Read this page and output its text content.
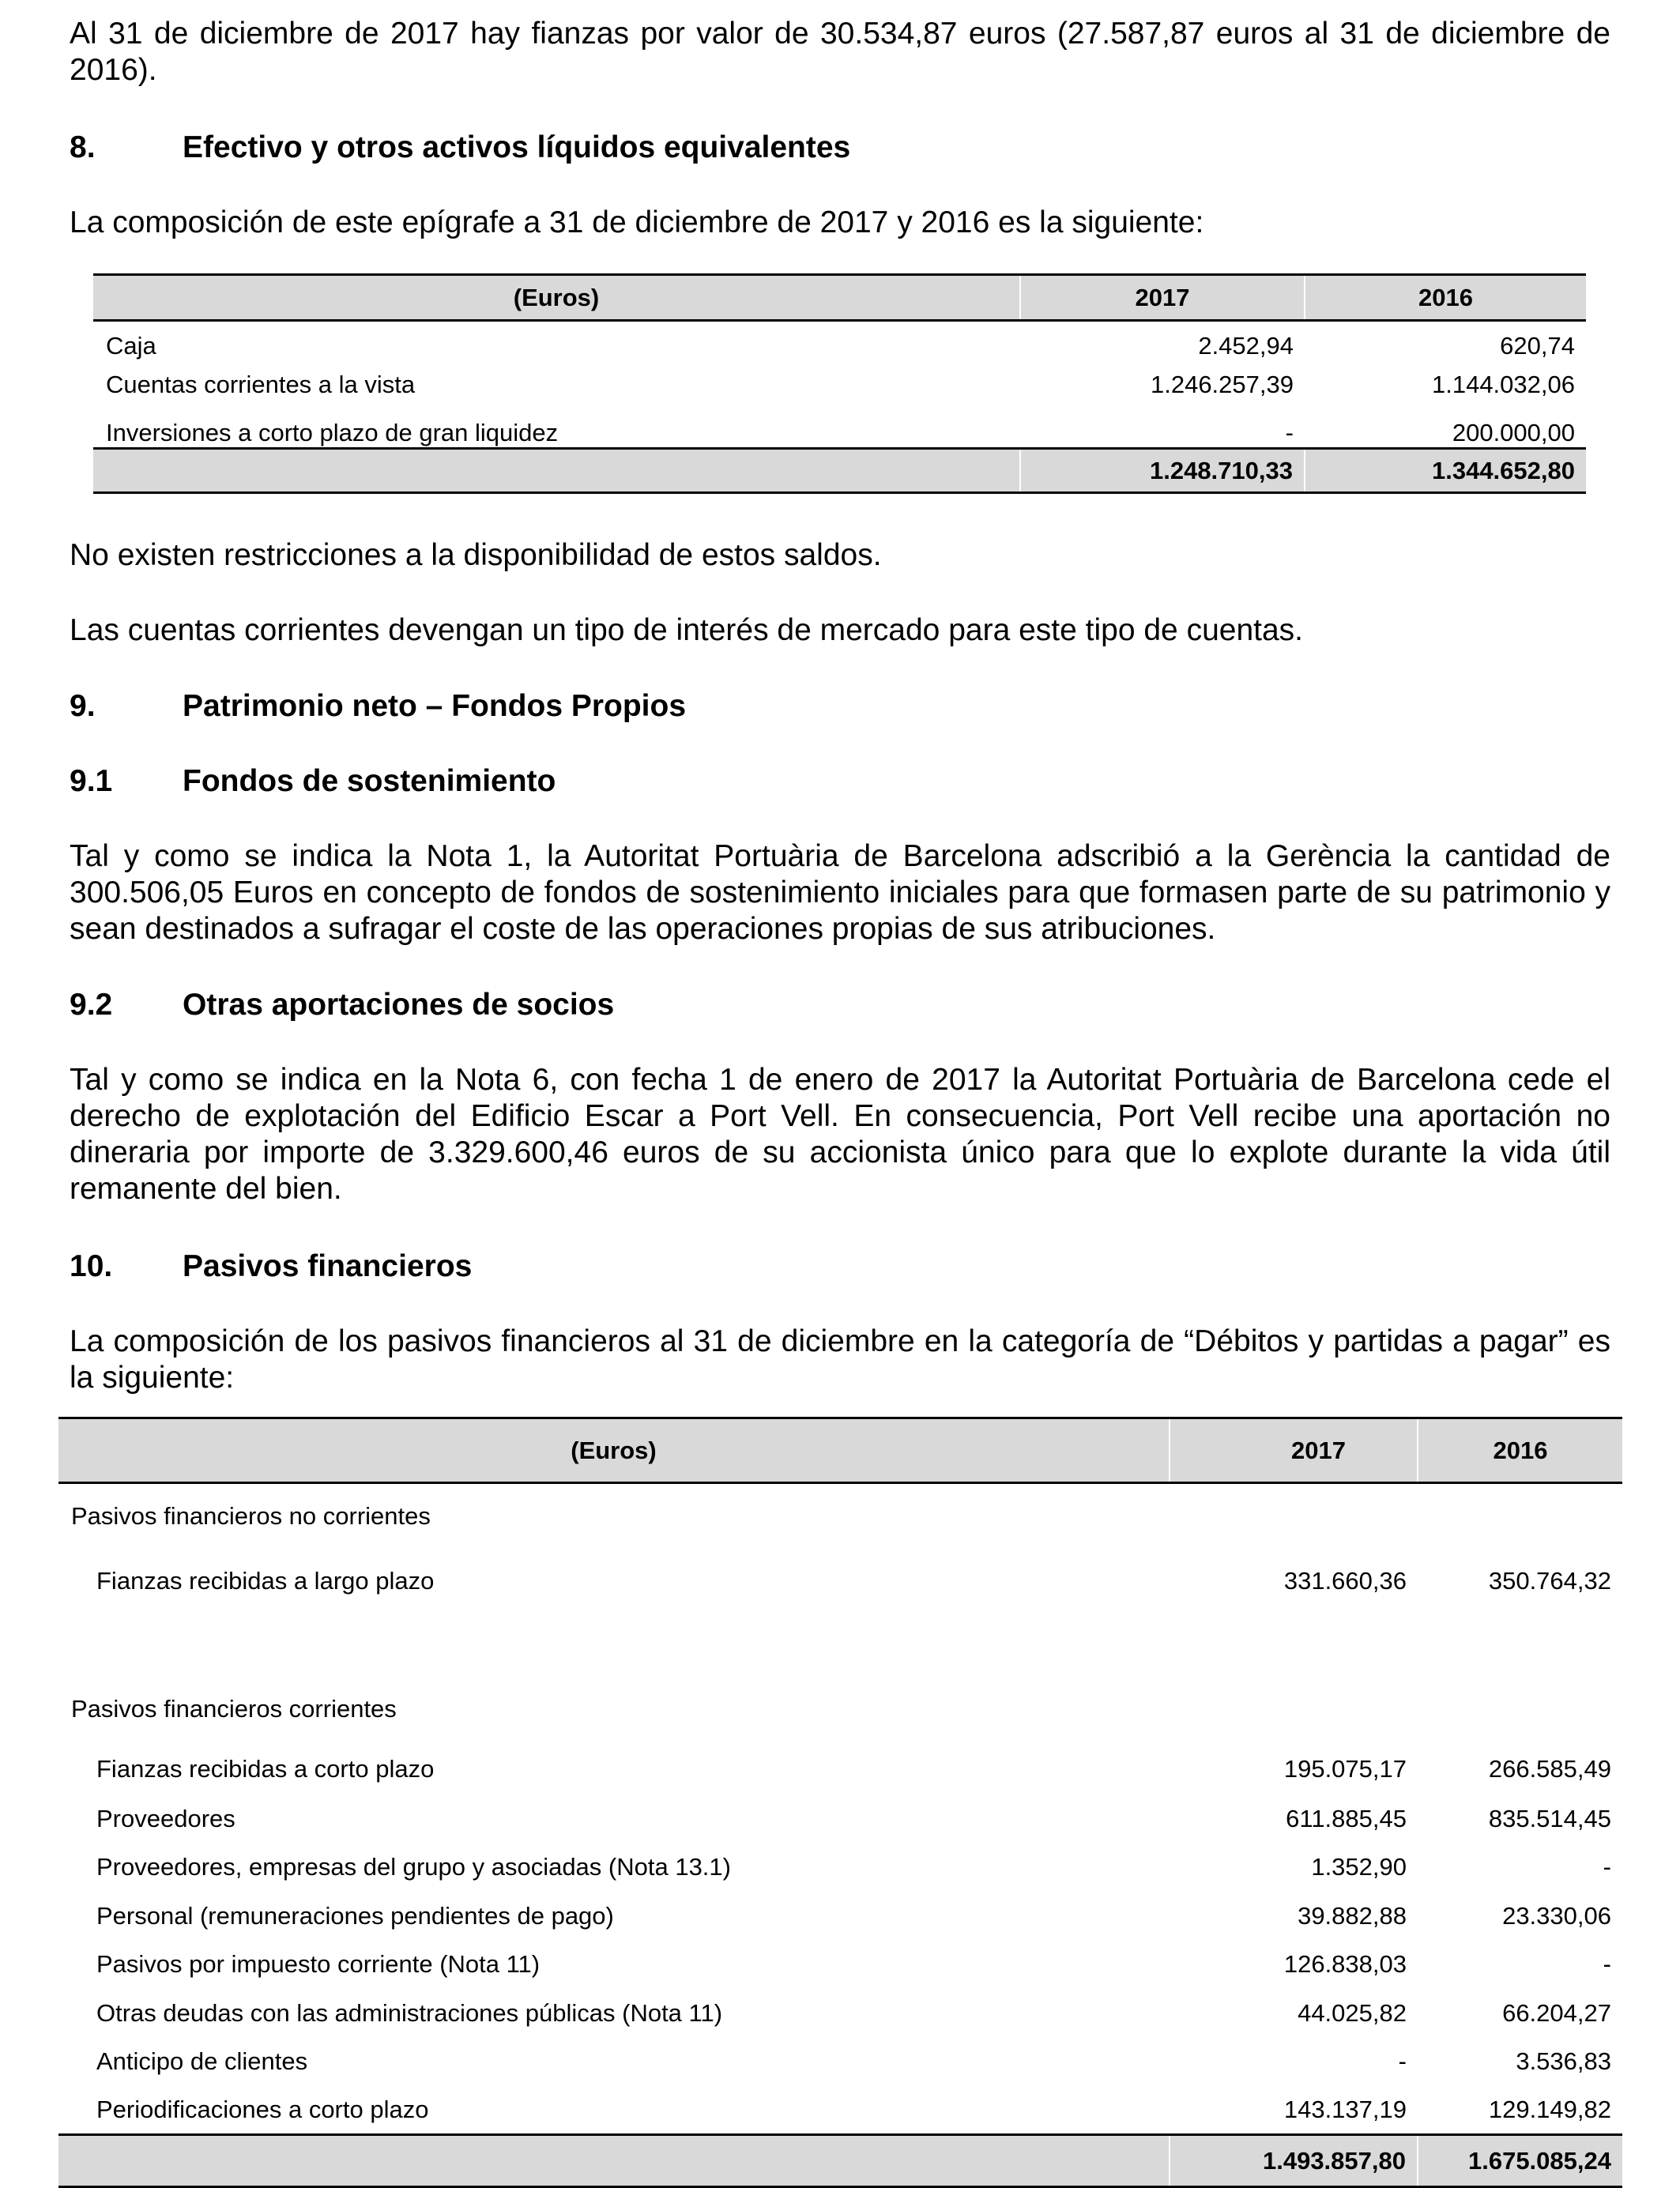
Al 31 de diciembre de 2017 hay fianzas por valor de 30.534,87 euros (27.587,87 euros al 31 de diciembre de 2016).

8.	Efectivo y otros activos líquidos equivalentes

La composición de este epígrafe a 31 de diciembre de 2017 y 2016 es la siguiente:

(Euros)	2017	2016
Caja	2.452,94	620,74
Cuentas corrientes a la vista	1.246.257,39	1.144.032,06
Inversiones a corto plazo de gran liquidez	-	200.000,00
	1.248.710,33	1.344.652,80

No existen restricciones a la disponibilidad de estos saldos.

Las cuentas corrientes devengan un tipo de interés de mercado para este tipo de cuentas.

9.	Patrimonio neto – Fondos Propios
9.1 Fondos de sostenimiento

Tal y como se indica la Nota 1, la Autoritat Portuària de Barcelona adscribió a la Gerència la cantidad de 300.506,05 Euros en concepto de fondos de sostenimiento iniciales para que formasen parte de su patrimonio y sean destinados a sufragar el coste de las operaciones propias de sus atribuciones.

9.2 Otras aportaciones de socios

Tal y como se indica en la Nota 6, con fecha 1 de enero de 2017 la Autoritat Portuària de Barcelona cede el derecho de explotación del Edificio Escar a Port Vell. En consecuencia, Port Vell recibe una aportación no dineraria por importe de 3.329.600,46 euros de su accionista único para que lo explote durante la vida útil remanente del bien.

10. Pasivos financieros

La composición de los pasivos financieros al 31 de diciembre en la categoría de “Débitos y partidas a pagar” es la siguiente:

(Euros)	2017	2016
Pasivos financieros no corrientes		
Fianzas recibidas a largo plazo	331.660,36	350.764,32
Pasivos financieros corrientes		
Fianzas recibidas a corto plazo	195.075,17	266.585,49
Proveedores	611.885,45	835.514,45
Proveedores, empresas del grupo y asociadas (Nota 13.1)	1.352,90	-
Personal (remuneraciones pendientes de pago)	39.882,88	23.330,06
Pasivos por impuesto corriente (Nota 11)	126.838,03	-
Otras deudas con las administraciones públicas (Nota 11)	44.025,82	66.204,27
Anticipo de clientes	-	3.536,83
Periodificaciones a corto plazo	143.137,19	129.149,82
	1.493.857,80	1.675.085,24
